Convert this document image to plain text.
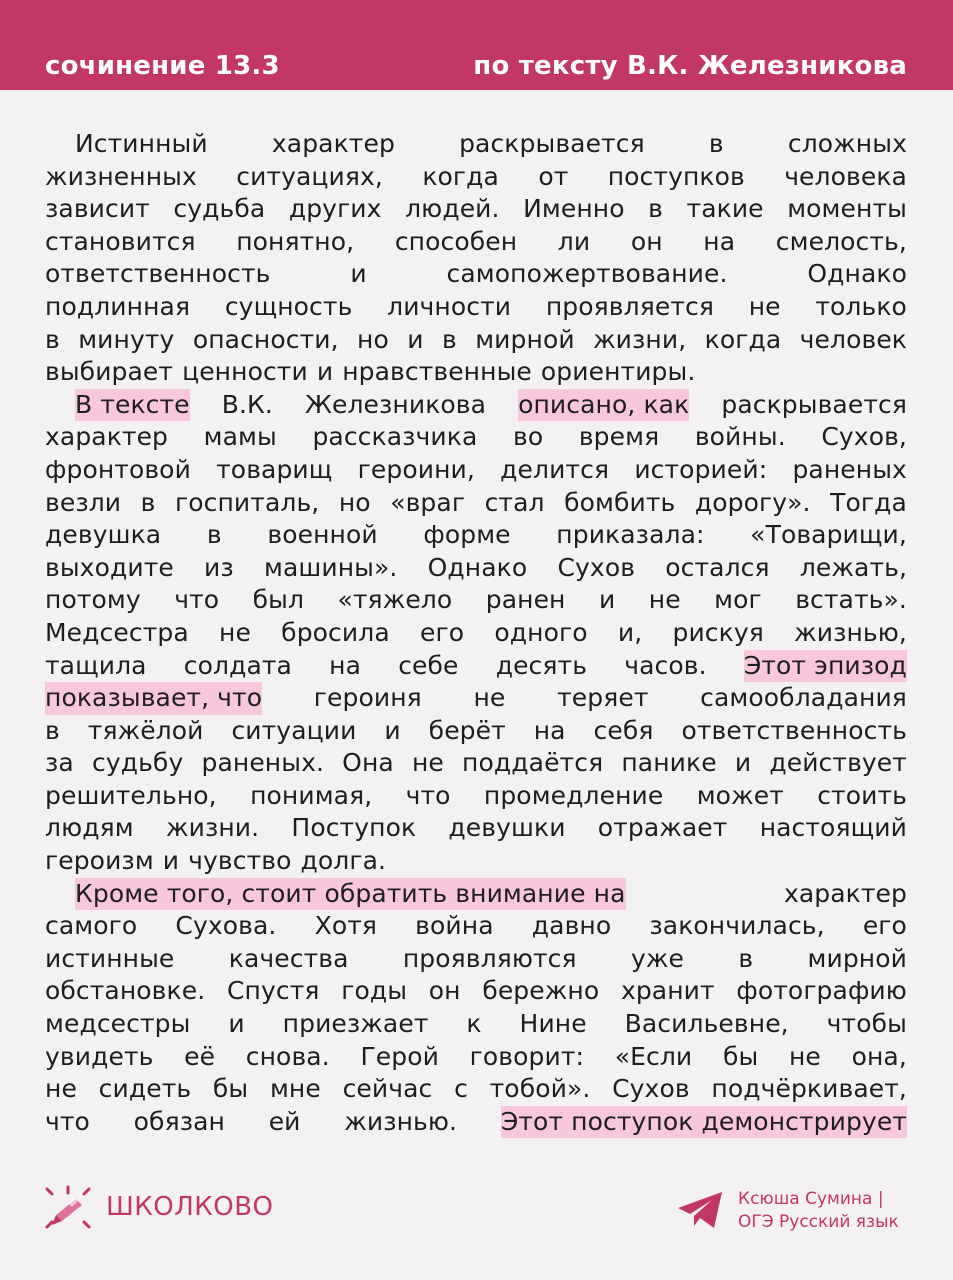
сочинение 13.3	по тексту В.К. Железникова
Истинный	характер	раскрывается	в	сложных
жизненных ситуациях, когда от поступков человека
зависит судьба других людей. Именно в такие моменты
становится понятно, способен ли он на смелость,
ответственность	и	самопожертвование.	Однако
подлинная сущность личности проявляется не только
в минуту опасности, но и в мирной жизни, когда человек
выбирает ценности и нравственные ориентиры.
В тексте В.К. Железникова описано, как раскрывается
характер мамы рассказчика во время войны. Сухов,
фронтовой товарищ героини, делится историей: раненых
везли в госпиталь, но «враг стал бомбить дорогу». Тогда
девушка в военной форме приказала: «Товарищи,
выходите из машины». Однако Сухов остался лежать,
потому что был «тяжело ранен и не мог встать».
Медсестра не бросила его одного и, рискуя жизнью,
тащила солдата на себе десять часов. Этот эпизод
показывает, что героиня не теряет самообладания
в тяжёлой ситуации и берёт на себя ответственность
за судьбу раненых. Она не поддаётся панике и действует
решительно, понимая, что промедление может стоить
людям жизни. Поступок девушки отражает настоящий
героизм и чувство долга.
Кроме того, стоит обратить внимание на	характер
самого Сухова. Хотя война давно закончилась, его
истинные качества проявляются уже в мирной
обстановке. Спустя годы он бережно хранит фотографию
медсестры и приезжает к Нине Васильевне, чтобы
увидеть её снова. Герой говорит: «Если бы не она,
не сидеть бы мне сейчас с тобой». Сухов подчёркивает,
что обязан ей жизнью. Этот поступок демонстрирует
ШКОЛКОВО	Ксюша Сумина |
ОГЭ Русский язык
